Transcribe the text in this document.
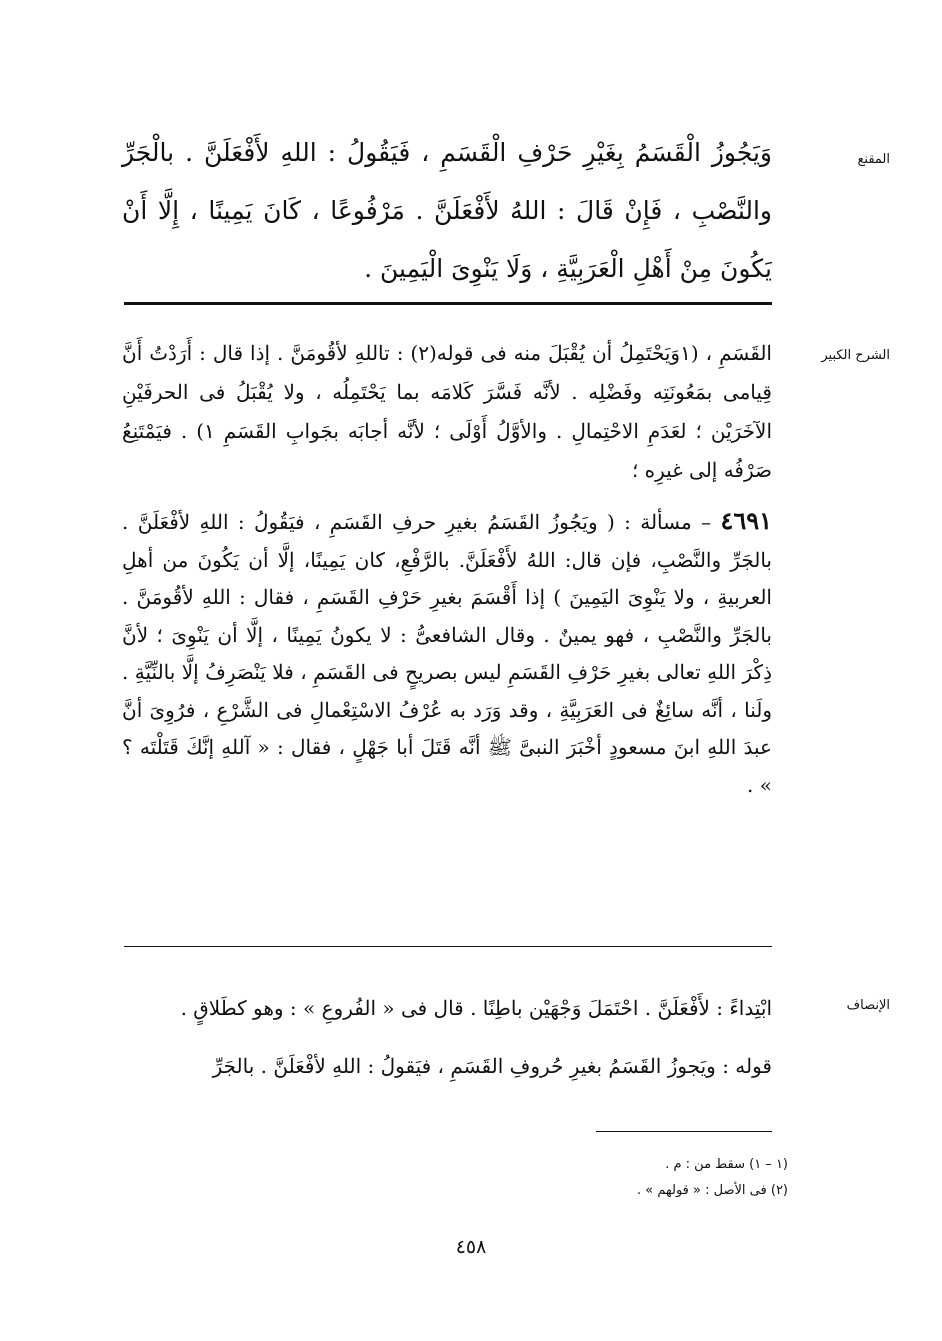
المقنع

وَيَجُوزُ الْقَسَمُ بِغَيْرِ حَرْفِ الْقَسَمِ ، فَيَقُولُ : اللهِ لأَفْعَلَنَّ . بالْجَرِّ والنَّصْبِ ، فَإِنْ قَالَ : اللهُ لأَفْعَلَنَّ . مَرْفُوعًا ، كَانَ يَمِينًا ، إِلَّا أَنْ يَكُونَ مِنْ أَهْلِ الْعَرَبِيَّةِ ، وَلَا يَنْوِىَ الْيَمِينَ .

الشرح الكبير

القَسَمِ ، (١وَيَحْتَمِلُ أن يُقْبَلَ منه فى قوله(٢) : تاللهِ لأقُومَنَّ . إذا قال : أَرَدْتُ أَنَّ قِيامى بمَعُونَتِه وفَضْلِه . لأنَّه فَسَّرَ كَلامَه بما يَحْتَمِلُه ، ولا يُقْبَلُ فى الحرفَيْنِ الآخَرَيْن ؛ لعَدَمِ الاحْتِمالِ . والأوَّلُ أَوْلَى ؛ لأنَّه أجابَه بجَوابِ القَسَمِ ١) . فيَمْتَنِعُ صَرْفُه إلى غيرِه ؛

٤٦٩١ – مسألة : ( ويَجُوزُ القَسَمُ بغيرِ حرفِ القَسَمِ ، فيَقُولُ : اللهِ لأفْعَلَنَّ . بالجَرِّ والنَّصْبِ، فإن قال: اللهُ لأَفْعَلَنَّ. بالرَّفْعِ، كان يَمِينًا، إلَّا أن يَكُونَ من أهلِ العربيةِ ، ولا يَنْوِىَ اليَمِينَ ) إذا أَقْسَمَ بغيرِ حَرْفِ القَسَمِ ، فقال : اللهِ لأقُومَنَّ . بالجَرِّ والنَّصْبِ ، فهو يمينٌ . وقال الشافعىُّ : لا يكونُ يَمِينًا ، إلَّا أن يَنْوِىَ ؛ لأنَّ ذِكْرَ اللهِ تعالى بغيرِ حَرْفِ القَسَمِ ليس بصريحٍ فى القَسَمِ ، فلا يَنْصَرِفُ إلَّا بالنِّيَّةِ . ولَنا ، أنَّه سائِغٌ فى العَرَبِيَّةِ ، وقد وَرَد به عُرْفُ الاسْتِعْمالِ فى الشَّرْعِ ، فرُوِىَ أنَّ عبدَ اللهِ ابنَ مسعودٍ أخْبَرَ النبىَّ ﷺ أنَّه قَتَلَ أبا جَهْلٍ ، فقال : « آللهِ إنَّكَ قَتَلْتَه ؟ » .

الإنصاف

ابْتِداءً : لأَفْعَلَنَّ . احْتَمَلَ وَجْهَيْن باطِنًا . قال فى « الفُروعِ » : وهو كطَلاقٍ .

قوله : ويَجوزُ القَسَمُ بغيرِ حُروفِ القَسَمِ ، فيَقولُ : اللهِ لأفْعَلَنَّ . بالجَرِّ

(١ – ١) سقط من : م .

(٢) فى الأصل : « قولهم » .

٤٥٨
